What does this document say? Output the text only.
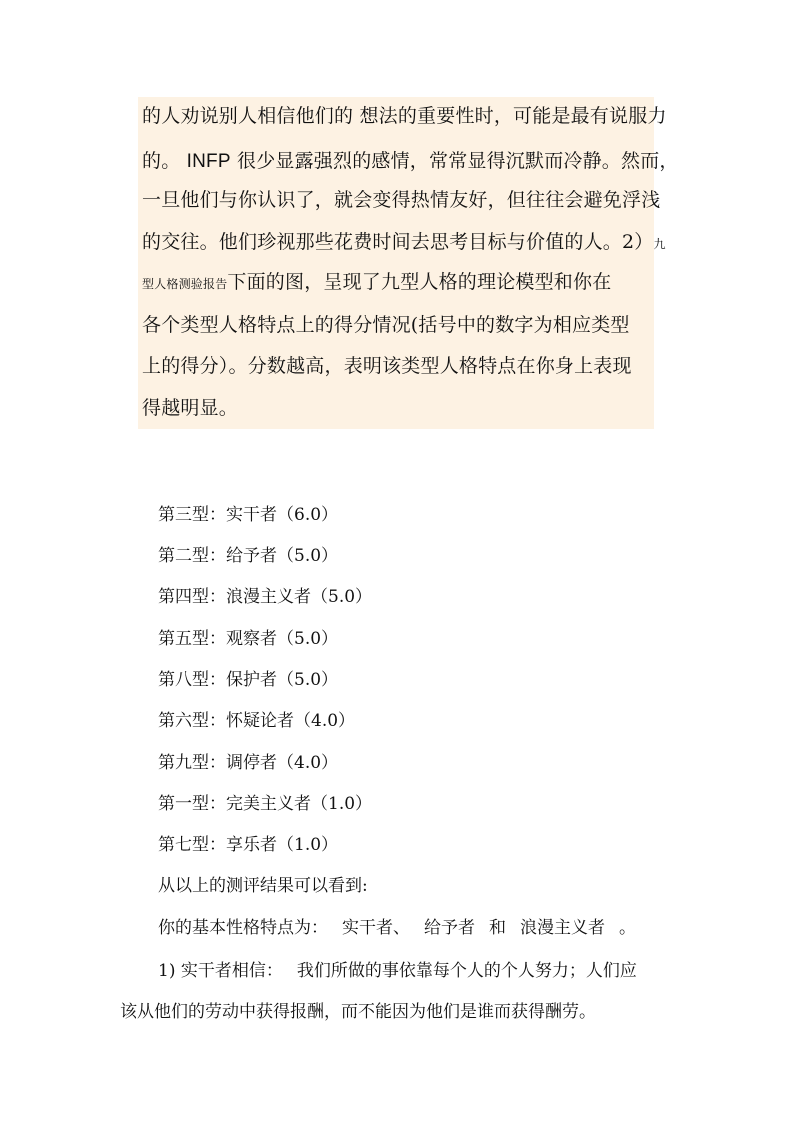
的人劝说别人相信他们的 想法的重要性时，可能是最有说服力
的。 INFP 很少显露强烈的感情，常常显得沉默而冷静。然而，
一旦他们与你认识了，就会变得热情友好，但往往会避免浮浅
的交往。他们珍视那些花费时间去思考目标与价值的人。2）九
型人格测验报告下面的图，呈现了九型人格的理论模型和你在
各个类型人格特点上的得分情况(括号中的数字为相应类型
上的得分）。分数越高，表明该类型人格特点在你身上表现
得越明显。
第三型：实干者（6.0）
第二型：给予者（5.0）
第四型：浪漫主义者（5.0）
第五型：观察者（5.0）
第八型：保护者（5.0）
第六型：怀疑论者（4.0）
第九型：调停者（4.0）
第一型：完美主义者（1.0）
第七型：享乐者（1.0）
从以上的测评结果可以看到:
你的基本性格特点为： 实干者、 给予者 和 浪漫主义者 。
1) 实干者相信： 我们所做的事依靠每个人的个人努力；人们应
该从他们的劳动中获得报酬，而不能因为他们是谁而获得酬劳。
